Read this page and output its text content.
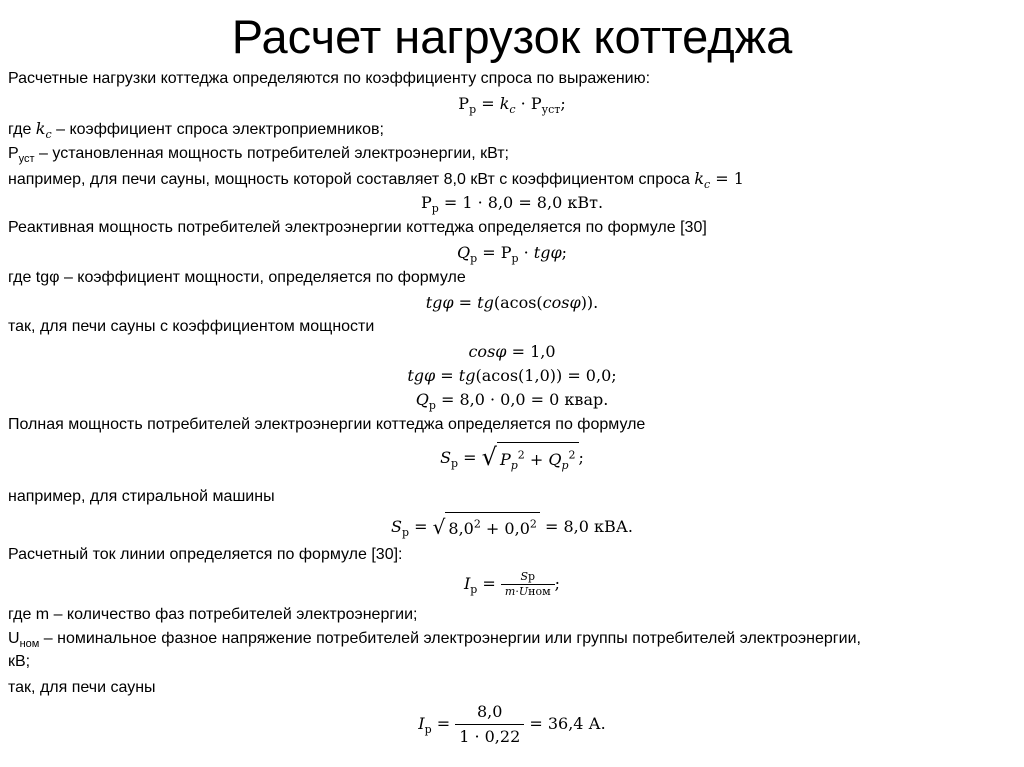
Расчет нагрузок коттеджа
Расчетные нагрузки коттеджа определяются по коэффициенту спроса по выражению:
$P_р = k_c \cdot P_{уст}$;
где $k_c$ – коэффициент спроса электроприемников;
$P_{уст}$ – установленная мощность потребителей электроэнергии, кВт;
например, для печи сауны, мощность которой составляет 8,0 кВт с коэффициентом спроса $k_c = 1$
$P_р = 1 \cdot 8,0 = 8,0$ кВт.
Реактивная мощность потребителей электроэнергии коттеджа определяется по формуле [30]
$Q_р = P_р \cdot tg\varphi$;
где tgφ – коэффициент мощности, определяется по формуле
tgφ = tg(acos(cosφ)).
так, для печи сауны с коэффициентом мощности
cosφ = 1,0
tgφ = tg(acos(1,0)) = 0,0;
$Q_р = 8,0 \cdot 0,0 = 0$ квар.
Полная мощность потребителей электроэнергии коттеджа определяется по формуле
$S_р$ = √ $P_p^2 + Q_p^2$ ;
например, для стиральной машины
$S_р$ = √ $8,0^2 + 0,0^2 = 8,0$ кВА.
Расчетный ток линии определяется по формуле [30]:
$I_р = \frac{Sр}{\text{m·Uном}}$ ;
где m – количество фаз потребителей электроэнергии;
$U_{ном}$ – номинальное фазное напряжение потребителей электроэнергии или группы потребителей электроэнергии,
кВ;
так, для печи сауны
$I_р = \frac{8,0}{1 \cdot 0,22} = 36,4$ А.
